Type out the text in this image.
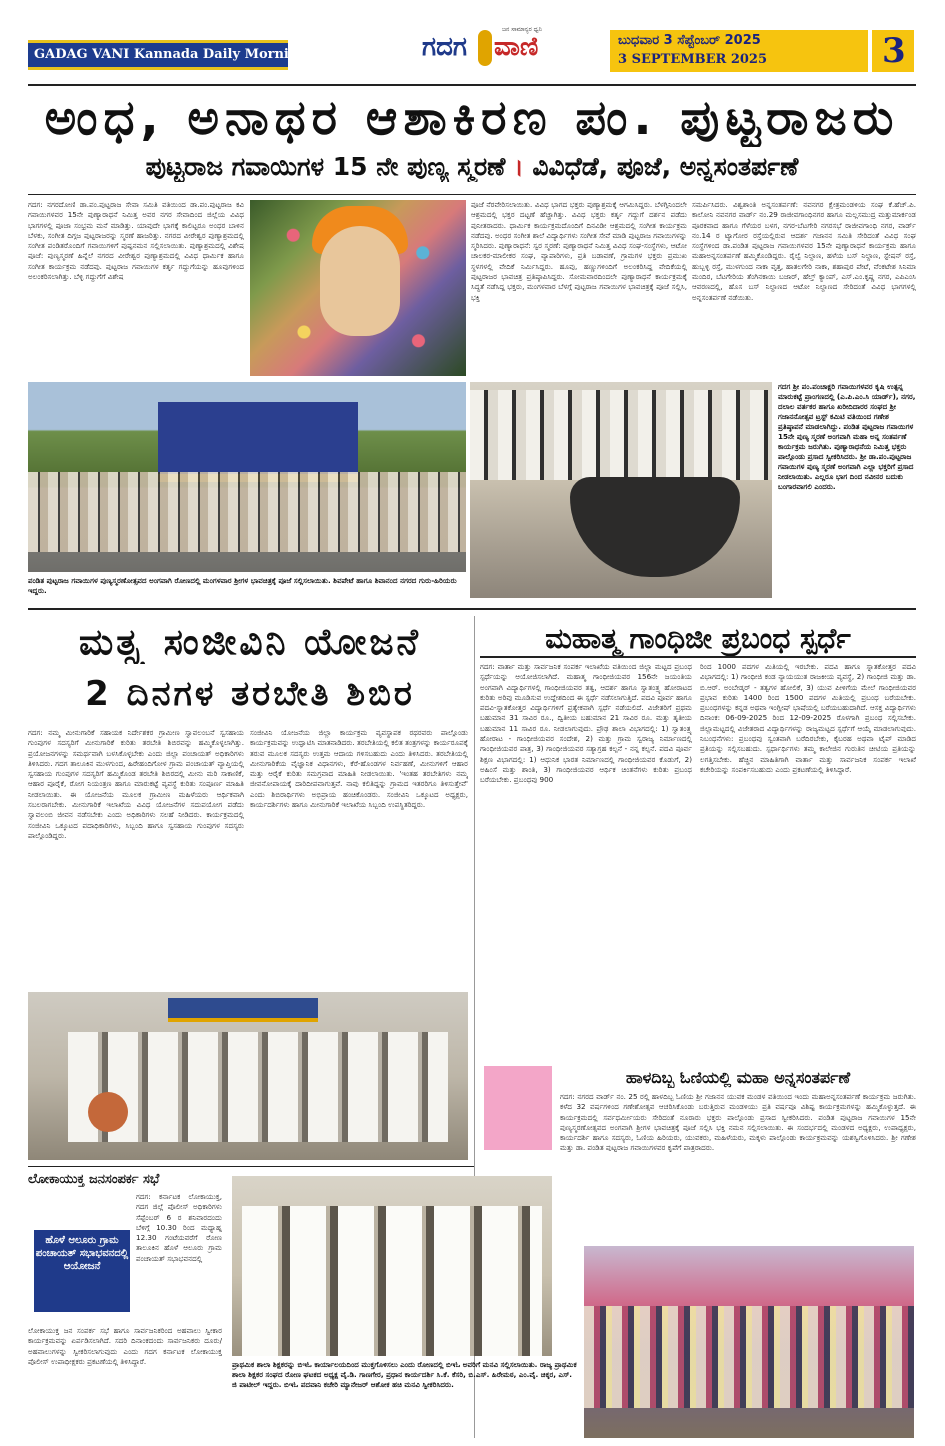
GADAG VANI Kannada Daily Morning	ಗದಗ
ಜನ ಸಾಮಾನ್ಯರ ಧ್ವನಿ
ವಾಣಿ	ಬುಧವಾರ 3 ಸೆಪ್ಟೆಂಬರ್ 2025
3 SEPTEMBER 2025	3
ಅಂಧ, ಅನಾಥರ ಆಶಾಕಿರಣ ಪಂ. ಪುಟ್ಟರಾಜರು
ಪುಟ್ಟರಾಜ ಗವಾಯಿಗಳ 15 ನೇ ಪುಣ್ಯ ಸ್ಮರಣೆ । ವಿವಿಧೆಡೆ, ಪೂಜೆ, ಅನ್ನಸಂತರ್ಪಣೆ
ಗದಗ: ನಗರದೋಣಿ ಡಾ.ಪಂ.ಪುಟ್ಟರಾಜ ಸೇವಾ ಸಮಿತಿ ವತಿಯಿಂದ ಡಾ.ಪಂ.ಪುಟ್ಟರಾಜ ಕವಿ ಗವಾಯಿಗಳವರ 15ನೇ ಪುಣ್ಯಾರಾಧನೆ ನಿಮಿತ್ತ ಅವರ ನಗರ ಸೇವಾದಿಂದ ಜಿಲ್ಲೆಯ ವಿವಿಧ ಭಾಗಗಳಲ್ಲಿ ಪೂಜಾ ಸಂಭ್ರಮ ಮನೆ ಮಾಡಿತ್ತು. ಯಾವುದೇ ಭಾಗಕ್ಕೆ ಕಾಲಿಟ್ಟರೂ ಅಂಧರ ಬಾಳಿನ ಬೆಳಕು, ಸಂಗೀತ ದಿಗ್ಗಜ ಪುಟ್ಟರಾಜರನ್ನು ಸ್ಮರಣೆ ಹಾಜರಿತ್ತು. ನಗರದ ವೀರೇಶ್ವರ ಪುಣ್ಯಾಶ್ರಮದಲ್ಲಿ ಸಂಗೀತ ಪಂಡಿತರೊಂದಿಗೆ ಗವಾಯಿಗಳಿಗೆ ಪುಷ್ಪನಮನ ಸಲ್ಲಿಸಲಾಯಿತು. ಪುಣ್ಯಾಶ್ರಮದಲ್ಲಿ ವಿಶೇಷ ಪೂಜೆ: ಪುಣ್ಯಸ್ಮರಣೆ ಹಿನ್ನೆಲೆ ನಗರದ ವೀರೇಶ್ವರ ಪುಣ್ಯಾಶ್ರಮದಲ್ಲಿ ವಿವಿಧ ಧಾರ್ಮಿಕ ಹಾಗೂ ಸಂಗೀತ ಕಾರ್ಯಕ್ರಮ ನಡೆದವು. ಪುಟ್ಟರಾಜ ಗವಾಯಿಗಳ ಕರ್ತೃ ಗದ್ದುಗೆಯನ್ನು ಹೂವುಗಳಿಂದ ಅಲಂಕರಿಸಲಾಗಿತ್ತು. ಬೆಳ್ಳಿ ಗದ್ದುಗೆಗೆ ವಿಶೇಷ
ಪೂಜೆ ನೆರವೇರಿಸಲಾಯಿತು. ವಿವಿಧ ಭಾಗದ ಭಕ್ತರು ಪುಣ್ಯಾಶ್ರಮಕ್ಕೆ ಆಗಮಿಸಿದ್ದರು. ಬೆಳಗ್ಗಿನಿಂದಲೇ ಆಶ್ರಮದಲ್ಲಿ ಭಕ್ತರ ದಟ್ಟಣೆ ಹೆಚ್ಚಾಗಿತ್ತು. ವಿವಿಧ ಭಕ್ತರು ಕರ್ತೃ ಗದ್ದುಗೆ ದರ್ಶನ ಪಡೆದು ಪುನೀತರಾದರು. ಧಾರ್ಮಿಕ ಕಾರ್ಯಕ್ರಮದೊಂದಿಗೆ ದಿನವಿಡೀ ಆಶ್ರಮದಲ್ಲಿ ಸಂಗೀತ ಕಾರ್ಯಕ್ರಮ ನಡೆದವು. ಅಂಧರ ಸಂಗೀತ ಶಾಲೆ ವಿದ್ಯಾರ್ಥಿಗಳು ಸಂಗೀತ ಸೇವೆ ಮಾಡಿ ಪುಟ್ಟರಾಜ ಗವಾಯಿಗಳನ್ನು ಸ್ಮರಿಸಿದರು. ಪುಣ್ಯಾರಾಧನೆ: ಸ್ವರ ಸ್ಮರಣೆ: ಪುಣ್ಯಾರಾಧನೆ ನಿಮಿತ್ತ ವಿವಿಧ ಸಂಘ-ಸಂಸ್ಥೆಗಳು, ಆಟೋ ಚಾಲಕರ-ಮಾಲೀಕರ ಸಂಘ, ವ್ಯಾಪಾರಿಗಳು, ಪ್ರತಿ ಬಡಾವಣೆ, ಗ್ರಾಮಗಳ ಭಕ್ತರು ಪ್ರಮುಖ ಸ್ಥಳಗಳಲ್ಲಿ ವೇದಿಕೆ ನಿರ್ಮಿಸಿದ್ದರು. ಹೂವು, ಹಣ್ಣುಗಳಿಂದಿಗೆ ಅಲಂಕರಿಸಿದ್ದ ವೇದಿಕೆಯಲ್ಲಿ ಪುಟ್ಟರಾಜರ ಭಾವಚಿತ್ರ ಪ್ರತಿಷ್ಠಾಪಿಸಿದ್ದರು. ಸೋಮವಾರದಿಂದಲೇ ಪುಣ್ಯಾರಾಧನೆ ಕಾರ್ಯಕ್ರಮಕ್ಕೆ ಸಿದ್ಧತೆ ನಡೆಸಿದ್ದ ಭಕ್ತರು, ಮಂಗಳವಾರ ಬೆಳಗ್ಗೆ ಪುಟ್ಟರಾಜ ಗವಾಯಿಗಳ ಭಾವಚಿತ್ರಕ್ಕೆ ಪೂಜೆ ಸಲ್ಲಿಸಿ, ಭಕ್ತಿ
ಸಮರ್ಪಿಸಿದರು. ವಿಶ್ವಶಾಂತಿ ಅನ್ನಸಂತರ್ಪಣೆ: ನವನಗರ ಕ್ಷೇತ್ರಮಂಡಳಿಯ ಸಂಘ ಕೆ.ಹೆಚ್.ಪಿ. ಕಾಲೋನಿ ನವನಗರ ವಾರ್ಡ್ ನಂ.29 ರಾಜೀವಗಾಂಧಿನಗರ ಹಾಗೂ ಮಲ್ಲಸಮುದ್ರ ಮತ್ತುಮಾರ್ಕಂಡ ಪೂರಕವಾದ ಹಾಗೂ ಗೆಳೆಯರ ಬಳಗ, ನಗರ-ಬೆಟಗೇರಿ ನಗರಸಭೆ ರಾಜೀವಗಾಂಧಿ ನಗರ, ವಾರ್ಡ್ ನಂ.14 ರ ಟ್ಯಾಗೋರ ರಸ್ತೆಯಲ್ಲಿರುವ ಆದರ್ಶ ಗಜಾನನ ಸಮಿತಿ ಸೇರಿದಂತೆ ವಿವಿಧ ಸಂಘ ಸಂಸ್ಥೆಗಳಿಂದ ಡಾ.ಪಂಡಿತ ಪುಟ್ಟರಾಜ ಗವಾಯಿಗಳವರ 15ನೇ ಪುಣ್ಯಾರಾಧನೆ ಕಾರ್ಯಕ್ರಮ ಹಾಗೂ ಮಹಾಅನ್ನಸಂತರ್ಪಣೆ ಹಮ್ಮಿಕೊಂಡಿದ್ದರು. ರೈಲ್ವೆ ನಿಲ್ದಾಣ, ಹಳೆಯ ಬಸ್ ನಿಲ್ದಾಣ, ಸ್ಟೇಷನ್ ರಸ್ತೆ, ಹುಬ್ಬಳ್ಳಿ ರಸ್ತೆ, ಮುಳಗುಂದ ನಾಕಾ ವೃತ್ತ, ಹಾತಲಗೇರಿ ನಾಕಾ, ಶಹಾಪುರ ಪೇಟೆ, ವೆಂಕಟೇಶ ಸಿನಿಮಾ ಮಂದಿರ, ಬೆಟಗೇರಿಯ ತೆಂಗಿನಕಾಯಿ ಬಜಾರ್, ಹೆಲ್ತ್ ಕ್ಯಾಂಪ್, ಎಸ್.ಎಂ.ಕೃಷ್ಣ ನಗರ, ಎಪಿಎಂಸಿ ಆವರಣದಲ್ಲಿ, ಹೊಸ ಬಸ್ ನಿಲ್ದಾಣದ ಆಟೋ ನಿಲ್ದಾಣದ ಸೇರಿದಂತೆ ವಿವಿಧ ಭಾಗಗಳಲ್ಲಿ ಅನ್ನಸಂತರ್ಪಣೆ ನಡೆಯಿತು.
ಪಂಡಿತ ಪುಟ್ಟರಾಜ ಗವಾಯಿಗಳ ಪುಣ್ಯಸ್ಮರಣೋತ್ಸವದ ಅಂಗವಾಗಿ ರೋಣದಲ್ಲಿ ಮಂಗಳವಾರ ಶ್ರೀಗಳ ಭಾವಚಿತ್ರಕ್ಕೆ ಪೂಜೆ ಸಲ್ಲಿಸಲಾಯಿತು. ಶಿವಪೇಟೆ ಹಾಗೂ ಶಿವಾನಂದ ನಗರದ ಗುರು-ಹಿರಿಯರು ಇದ್ದರು.
ಗದಗ ಶ್ರೀ ಪಂ.ಪಂಚಾಕ್ಷರಿ ಗವಾಯಿಗಳವರ ಕೃಷಿ ಉತ್ಪನ್ನ ಮಾರುಕಟ್ಟೆ ಪ್ರಾಂಗಣದಲ್ಲಿ (ಎ.ಪಿ.ಎಂ.ಸಿ ಯಾರ್ಡ್), ನಗರ, ದಲಾಲ ವರ್ತಕರ ಹಾಗೂ ಖರೀದಿದಾರರ ಸಂಘದ ಶ್ರೀ ಗಜಾನನೋತ್ಸವ ಟ್ರಸ್ಟ್ ಕಮಿಟಿ ವತಿಯಿಂದ ಗಣೇಶ ಪ್ರತಿಷ್ಠಾಪನೆ ಮಾಡಲಾಗಿದ್ದು. ಪಂಡಿತ ಪುಟ್ಟರಾಜ ಗವಾಯಿಗಳ 15ನೇ ಪುಣ್ಯ ಸ್ಮರಣೆ ಅಂಗವಾಗಿ ಮಹಾ ಅನ್ನ ಸಂತರ್ಪಣೆ ಕಾರ್ಯಕ್ರಮ ಜರುಗಿತು. ಪುಣ್ಯಾರಾಧನೆಯ ನಿಮಿತ್ತ ಭಕ್ತರು ಪಾಲ್ಗೊಂಡು ಪ್ರಸಾದ ಸ್ವೀಕರಿಸಿದರು. ಶ್ರೀ ಡಾ.ಪಂ.ಪುಟ್ಟರಾಜ ಗವಾಯಿಗಳ ಪುಣ್ಯ ಸ್ಮರಣೆ ಅಂಗವಾಗಿ ಎಲ್ಲಾ ಭಕ್ತರಿಗೆ ಪ್ರಸಾದ ನೀಡಲಾಯಿತು. ಎಲ್ಲರೂ ಭಾಗ ದಿಂದ ನವೀನರ ಬದುಕು ಬಂಗಾರವಾಗಲಿ ಎಂದರು.
ಮತ್ಸ್ಯ ಸಂಜೀವಿನಿ ಯೋಜನೆ
2 ದಿನಗಳ ತರಬೇತಿ ಶಿಬಿರ
ಗದಗ: ನಮ್ಮ ಮೀನುಗಾರಿಕೆ ಸಹಾಯಕ ನಿರ್ದೇಶಕರ ಗ್ರಾಮೀಣ ಸ್ವಾವಲಂಬನೆ ಸ್ವಸಹಾಯ ಗುಂಪುಗಳ ಸದಸ್ಯರಿಗೆ ಮೀನುಗಾರಿಕೆ ಕುರಿತು ತರಬೇತಿ ಶಿಬಿರವನ್ನು ಹಮ್ಮಿಕೊಳ್ಳಲಾಗಿತ್ತು. ಪ್ರಯೋಜನಗಳನ್ನು ಸಮರ್ಥವಾಗಿ ಬಳಸಿಕೊಳ್ಳಬೇಕು ಎಂದು ಜಿಲ್ಲಾ ಪಂಚಾಯತ್ ಅಧಿಕಾರಿಗಳು ತಿಳಿಸಿದರು. ಗದಗ ತಾಲೂಕಿನ ಮುಳಗುಂದ, ಹಿರೇಹಂದಿಗೋಳ ಗ್ರಾಮ ಪಂಚಾಯತ್ ವ್ಯಾಪ್ತಿಯಲ್ಲಿ ಸ್ವಸಹಾಯ ಗುಂಪುಗಳ ಸದಸ್ಯರಿಗೆ ಹಮ್ಮಿಕೊಂಡ ತರಬೇತಿ ಶಿಬಿರದಲ್ಲಿ ಮೀನು ಮರಿ ಸಾಕಾಣಿಕೆ, ಆಹಾರ ಪೂರೈಕೆ, ರೋಗ ನಿಯಂತ್ರಣ ಹಾಗೂ ಮಾರುಕಟ್ಟೆ ವ್ಯವಸ್ಥೆ ಕುರಿತು ಸಂಪೂರ್ಣ ಮಾಹಿತಿ ನೀಡಲಾಯಿತು. ಈ ಯೋಜನೆಯ ಮೂಲಕ ಗ್ರಾಮೀಣ ಮಹಿಳೆಯರು ಆರ್ಥಿಕವಾಗಿ ಸಬಲರಾಗಬೇಕು. ಮೀನುಗಾರಿಕೆ ಇಲಾಖೆಯ ವಿವಿಧ ಯೋಜನೆಗಳ ಸದುಪಯೋಗ ಪಡೆದು ಸ್ವಾವಲಂಬಿ ಜೀವನ ನಡೆಸಬೇಕು ಎಂದು ಅಧಿಕಾರಿಗಳು ಸಲಹೆ ನೀಡಿದರು. ಕಾರ್ಯಕ್ರಮದಲ್ಲಿ ಸಂಜೀವಿನಿ ಒಕ್ಕೂಟದ ಪದಾಧಿಕಾರಿಗಳು, ಸಿಬ್ಬಂದಿ ಹಾಗೂ ಸ್ವಸಹಾಯ ಗುಂಪುಗಳ ಸದಸ್ಯರು ಪಾಲ್ಗೊಂಡಿದ್ದರು.
ಸಂಜೀವಿನಿ ಯೋಜನೆಯ ಜಿಲ್ಲಾ ಕಾರ್ಯಕ್ರಮ ವ್ಯವಸ್ಥಾಪಕ ರಥರವರು ಪಾಲ್ಗೊಂಡು ಕಾರ್ಯಕ್ರಮವನ್ನು ಉದ್ಘಾಟಿಸಿ ಮಾತನಾಡಿದರು. ತರಬೇತಿಯಲ್ಲಿ ಕಲಿತ ತಂತ್ರಗಳನ್ನು ಕಾರ್ಯರೂಪಕ್ಕೆ ತರುವ ಮೂಲಕ ಸದಸ್ಯರು ಉತ್ತಮ ಆದಾಯ ಗಳಿಸಬಹುದು ಎಂದು ತಿಳಿಸಿದರು. ತರಬೇತಿಯಲ್ಲಿ ಮೀನುಗಾರಿಕೆಯ ವೈಜ್ಞಾನಿಕ ವಿಧಾನಗಳು, ಕೆರೆ-ಹೊಂಡಗಳ ನಿರ್ವಹಣೆ, ಮೀನುಗಳಿಗೆ ಆಹಾರ ಮತ್ತು ಆರೈಕೆ ಕುರಿತು ಸಮಗ್ರವಾದ ಮಾಹಿತಿ ನೀಡಲಾಯಿತು. 'ಇಂತಹ ತರಬೇತಿಗಳು ನಮ್ಮ ಜೀವನೋಪಾಯಕ್ಕೆ ದಾರಿದೀಪವಾಗುತ್ತವೆ. ನಾವು ಕಲಿತಿದ್ದನ್ನು ಗ್ರಾಮದ ಇತರರಿಗೂ ತಿಳಿಸುತ್ತೇವೆ' ಎಂದು ಶಿಬಿರಾರ್ಥಿಗಳು ಅಭಿಪ್ರಾಯ ಹಂಚಿಕೊಂಡರು. ಸಂಜೀವಿನಿ ಒಕ್ಕೂಟದ ಅಧ್ಯಕ್ಷರು, ಕಾರ್ಯದರ್ಶಿಗಳು ಹಾಗೂ ಮೀನುಗಾರಿಕೆ ಇಲಾಖೆಯ ಸಿಬ್ಬಂದಿ ಉಪಸ್ಥಿತರಿದ್ದರು.
ಮಹಾತ್ಮ ಗಾಂಧಿಜೀ ಪ್ರಬಂಧ ಸ್ಪರ್ಧೆ
ಗದಗ: ವಾರ್ತಾ ಮತ್ತು ಸಾರ್ವಜನಿಕ ಸಂಪರ್ಕ ಇಲಾಖೆಯ ವತಿಯಿಂದ ಜಿಲ್ಲಾ ಮಟ್ಟದ ಪ್ರಬಂಧ ಸ್ಪರ್ಧೆಯನ್ನು ಆಯೋಜಿಸಲಾಗಿದೆ. ಮಹಾತ್ಮ ಗಾಂಧೀಜಿಯವರ 156ನೇ ಜಯಂತಿಯ ಅಂಗವಾಗಿ ವಿದ್ಯಾರ್ಥಿಗಳಲ್ಲಿ ಗಾಂಧೀಜಿಯವರ ತತ್ವ, ಆದರ್ಶ ಹಾಗೂ ಸ್ವಾತಂತ್ರ್ಯ ಹೋರಾಟದ ಕುರಿತು ಅರಿವು ಮೂಡಿಸುವ ಉದ್ದೇಶದಿಂದ ಈ ಸ್ಪರ್ಧೆ ನಡೆಸಲಾಗುತ್ತಿದೆ. ಪದವಿ ಪೂರ್ವ ಹಾಗೂ ಪದವಿ-ಸ್ನಾತಕೋತ್ತರ ವಿದ್ಯಾರ್ಥಿಗಳಿಗೆ ಪ್ರತ್ಯೇಕವಾಗಿ ಸ್ಪರ್ಧೆ ನಡೆಯಲಿದೆ. ವಿಜೇತರಿಗೆ ಪ್ರಥಮ ಬಹುಮಾನ 31 ಸಾವಿರ ರೂ., ದ್ವಿತೀಯ ಬಹುಮಾನ 21 ಸಾವಿರ ರೂ. ಮತ್ತು ತೃತೀಯ ಬಹುಮಾನ 11 ಸಾವಿರ ರೂ. ನೀಡಲಾಗುವುದು. ಪ್ರೌಢ ಶಾಲಾ ವಿಭಾಗದಲ್ಲಿ: 1) ಸ್ವಾತಂತ್ರ್ಯ ಹೋರಾಟ - ಗಾಂಧೀಜಿಯವರ ಸಂದೇಶ, 2) ಮತ್ತು ಗ್ರಾಮ ಸ್ವರಾಜ್ಯ ನಿರ್ಮಾಣದಲ್ಲಿ ಗಾಂಧೀಜಿಯವರ ಪಾತ್ರ, 3) ಗಾಂಧೀಜಿಯವರ ಸತ್ಯಾಗ್ರಹ ಕಲ್ಪನೆ - ನನ್ನ ಕಲ್ಪನೆ. ಪದವಿ ಪೂರ್ವ ಶಿಕ್ಷಣ ವಿಭಾಗದಲ್ಲಿ: 1) ಆಧುನಿಕ ಭಾರತ ನಿರ್ಮಾಣದಲ್ಲಿ ಗಾಂಧೀಜಿಯವರ ಕೊಡುಗೆ, 2) ಅಹಿಂಸೆ ಮತ್ತು ಶಾಂತಿ, 3) ಗಾಂಧೀಜಿಯವರ ಆರ್ಥಿಕ ಚಿಂತನೆಗಳು ಕುರಿತು ಪ್ರಬಂಧ ಬರೆಯಬೇಕು. ಪ್ರಬಂಧವು 900
ರಿಂದ 1000 ಪದಗಳ ಮಿತಿಯಲ್ಲಿ ಇರಬೇಕು. ಪದವಿ ಹಾಗೂ ಸ್ನಾತಕೋತ್ತರ ಪದವಿ ವಿಭಾಗದಲ್ಲಿ: 1) ಗಾಂಧೀಜಿ ಕಂಡ ನ್ಯಾಯಯುತ ರಾಜಕೀಯ ವ್ಯವಸ್ಥೆ, 2) ಗಾಂಧೀಜಿ ಮತ್ತು ಡಾ. ಬಿ.ಆರ್. ಅಂಬೇಡ್ಕರ್ - ತತ್ವಗಳ ಹೋಲಿಕೆ, 3) ಯುವ ಪೀಳಿಗೆಯ ಮೇಲೆ ಗಾಂಧೀಜಿಯವರ ಪ್ರಭಾವ ಕುರಿತು 1400 ರಿಂದ 1500 ಪದಗಳ ಮಿತಿಯಲ್ಲಿ ಪ್ರಬಂಧ ಬರೆಯಬೇಕು. ಪ್ರಬಂಧಗಳನ್ನು ಕನ್ನಡ ಅಥವಾ ಇಂಗ್ಲೀಷ್ ಭಾಷೆಯಲ್ಲಿ ಬರೆಯಬಹುದಾಗಿದೆ. ಆಸಕ್ತ ವಿದ್ಯಾರ್ಥಿಗಳು ದಿನಾಂಕ: 06-09-2025 ರಿಂದ 12-09-2025 ರೊಳಗಾಗಿ ಪ್ರಬಂಧ ಸಲ್ಲಿಸಬೇಕು. ಜಿಲ್ಲಾಮಟ್ಟದಲ್ಲಿ ವಿಜೇತರಾದ ವಿದ್ಯಾರ್ಥಿಗಳನ್ನು ರಾಜ್ಯಮಟ್ಟದ ಸ್ಪರ್ಧೆಗೆ ಆಯ್ಕೆ ಮಾಡಲಾಗುವುದು. ನಿಬಂಧನೆಗಳು: ಪ್ರಬಂಧವು ಸ್ವಂತವಾಗಿ ಬರೆದಿರಬೇಕು, ಕೈಬರಹ ಅಥವಾ ಟೈಪ್ ಮಾಡಿದ ಪ್ರತಿಯನ್ನು ಸಲ್ಲಿಸಬಹುದು. ಸ್ಪರ್ಧಾರ್ಥಿಗಳು ತಮ್ಮ ಕಾಲೇಜಿನ ಗುರುತಿನ ಚೀಟಿಯ ಪ್ರತಿಯನ್ನು ಲಗತ್ತಿಸಬೇಕು. ಹೆಚ್ಚಿನ ಮಾಹಿತಿಗಾಗಿ ವಾರ್ತಾ ಮತ್ತು ಸಾರ್ವಜನಿಕ ಸಂಪರ್ಕ ಇಲಾಖೆ ಕಚೇರಿಯನ್ನು ಸಂಪರ್ಕಿಸಬಹುದು ಎಂದು ಪ್ರಕಟಣೆಯಲ್ಲಿ ತಿಳಿಸಿದ್ದಾರೆ.
ಹಾಳದಿಬ್ಬ ಓಣಿಯಲ್ಲಿ ಮಹಾ ಅನ್ನಸಂತರ್ಪಣೆ
ಗದಗ: ನಗರದ ವಾರ್ಡ್ ನಂ. 25 ರಲ್ಲಿ ಹಾಳದಿಬ್ಬ ಓಣಿಯ ಶ್ರೀ ಗಜಾನನ ಯುವಕ ಮಂಡಳ ವತಿಯಿಂದ ಇಂದು ಮಹಾಅನ್ನಸಂತರ್ಪಣೆ ಕಾರ್ಯಕ್ರಮ ಜರುಗಿತು. ಕಳೆದ 32 ವರ್ಷಗಳಿಂದ ಗಣೇಶೋತ್ಸವ ಆಚರಿಸಿಕೊಂಡು ಬರುತ್ತಿರುವ ಮಂಡಳಿಯು ಪ್ರತಿ ವರ್ಷವೂ ವಿಶಿಷ್ಟ ಕಾರ್ಯಕ್ರಮಗಳನ್ನು ಹಮ್ಮಿಕೊಳ್ಳುತ್ತದೆ. ಈ ಕಾರ್ಯಕ್ರಮದಲ್ಲಿ ಸರ್ವಧರ್ಮೀಯರು ಸೇರಿದಂತೆ ನೂರಾರು ಭಕ್ತರು ಪಾಲ್ಗೊಂಡು ಪ್ರಸಾದ ಸ್ವೀಕರಿಸಿದರು. ಪಂಡಿತ ಪುಟ್ಟರಾಜ ಗವಾಯಿಗಳ 15ನೇ ಪುಣ್ಯಸ್ಮರಣೋತ್ಸವದ ಅಂಗವಾಗಿ ಶ್ರೀಗಳ ಭಾವಚಿತ್ರಕ್ಕೆ ಪೂಜೆ ಸಲ್ಲಿಸಿ ಭಕ್ತಿ ನಮನ ಸಲ್ಲಿಸಲಾಯಿತು. ಈ ಸಂದರ್ಭದಲ್ಲಿ ಮಂಡಳದ ಅಧ್ಯಕ್ಷರು, ಉಪಾಧ್ಯಕ್ಷರು, ಕಾರ್ಯದರ್ಶಿ ಹಾಗೂ ಸದಸ್ಯರು, ಓಣಿಯ ಹಿರಿಯರು, ಯುವಕರು, ಮಹಿಳೆಯರು, ಮಕ್ಕಳು ಪಾಲ್ಗೊಂಡು ಕಾರ್ಯಕ್ರಮವನ್ನು ಯಶಸ್ವಿಗೊಳಿಸಿದರು. ಶ್ರೀ ಗಣೇಶ ಮತ್ತು ಡಾ. ಪಂಡಿತ ಪುಟ್ಟರಾಜ ಗವಾಯಿಗಳವರ ಕೃಪೆಗೆ ಪಾತ್ರರಾದರು.
ಲೋಕಾಯುಕ್ತ ಜನಸಂಪರ್ಕ ಸಭೆ
ಗದಗ: ಕರ್ನಾಟಕ ಲೋಕಾಯುಕ್ತ, ಗದಗ ಜಿಲ್ಲೆ ಪೊಲೀಸ್ ಅಧಿಕಾರಿಗಳು ಸೆಪ್ಟೆಂಬರ್ 6 ರ ಶನಿವಾರದಂದು ಬೆಳಿಗ್ಗೆ 10.30 ರಿಂದ ಮಧ್ಯಾಹ್ನ 12.30 ಗಂಟೆಯವರೆಗೆ ರೋಣ ತಾಲೂಕಿನ ಹೊಳೆ ಆಲೂರು ಗ್ರಾಮ ಪಂಚಾಯತ್ ಸಭಾಭವನದಲ್ಲಿ
ಹೊಳೆ ಆಲೂರು ಗ್ರಾಮ ಪಂಚಾಯತ್ ಸಭಾಭವನದಲ್ಲಿ ಆಯೋಜನೆ
ಲೋಕಾಯುಕ್ತ ಜನ ಸಂಪರ್ಕ ಸಭೆ ಹಾಗೂ ಸಾರ್ವಜನಿಕರಿಂದ ಅಹವಾಲು ಸ್ವೀಕಾರ ಕಾರ್ಯಕ್ರಮವನ್ನು ಏರ್ಪಡಿಸಲಾಗಿದೆ. ಸದರಿ ದಿನಾಂಕದಂದು ಸಾರ್ವಜನಿಕರು ದೂರು/ಅಹವಾಲುಗಳನ್ನು ಸ್ವೀಕರಿಸಲಾಗುವುದು ಎಂದು ಗದಗ ಕರ್ನಾಟಕ ಲೋಕಾಯುಕ್ತ ಪೊಲೀಸ್ ಉಪಾಧೀಕ್ಷಕರು ಪ್ರಕಟಣೆಯಲ್ಲಿ ತಿಳಿಸಿದ್ದಾರೆ.	ಪ್ರಾಥಮಿಕ ಶಾಲಾ ಶಿಕ್ಷಕರನ್ನು ಬಿಇಓ ಕಾರ್ಯಾಲಯದಿಂದ ಮುಕ್ತಗೊಳಿಸಲು ಎಂದು ರೋಣದಲ್ಲಿ ಬಿಇಓ ಅವರಿಗೆ ಮನವಿ ಸಲ್ಲಿಸಲಾಯಿತು. ರಾಜ್ಯ ಪ್ರಾಥಮಿಕ ಶಾಲಾ ಶಿಕ್ಷಕರ ಸಂಘದ ರೋಣ ಘಟಕದ ಅಧ್ಯಕ್ಷ ವೈ.ಡಿ. ಗಾಣಗೇರ, ಪ್ರಧಾನ ಕಾರ್ಯದರ್ಶಿ ಸಿ.ಕೆ. ಕೆಸರಿ, ಬಿ.ಎಸ್. ಹಿರೇಮಠ, ಎಂ.ವೈ. ಚಿಕ್ಕರ, ಎಸ್. ಜಿ ಪಾಟೀಲ್ ಇದ್ದರು. ಬಿಇಓ ಪದವಾನಿ ಕಚೇರಿ ಮ್ಯಾನೇಜರ್ ಆಶೋಕ ಹಚಿ ಮನವಿ ಸ್ವೀಕರಿಸಿದರು.
